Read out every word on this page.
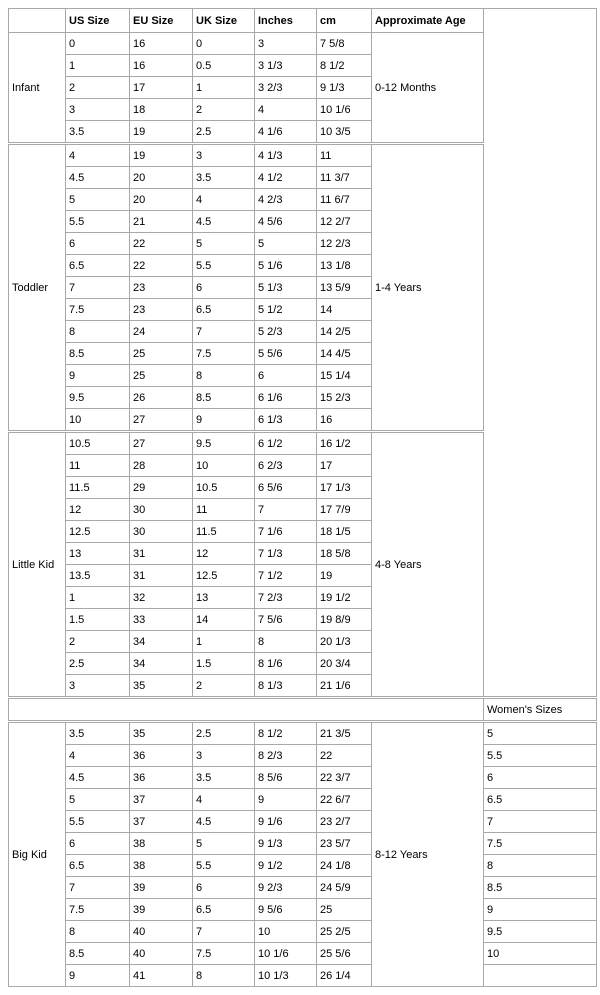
	US Size	EU Size	UK Size	Inches	cm	Approximate Age	
Infant	0	16	0	3	7 5/8	0-12 Months	
	1	16	0.5	3 1/3	8 1/2		
	2	17	1	3 2/3	9 1/3		
	3	18	2	4	10 1/6		
	3.5	19	2.5	4 1/6	10 3/5		
Toddler	4	19	3	4 1/3	11	1-4 Years	
	4.5	20	3.5	4 1/2	11 3/7		
	5	20	4	4 2/3	11 6/7		
	5.5	21	4.5	4 5/6	12 2/7		
	6	22	5	5	12 2/3		
	6.5	22	5.5	5 1/6	13 1/8		
	7	23	6	5 1/3	13 5/9		
	7.5	23	6.5	5 1/2	14		
	8	24	7	5 2/3	14 2/5		
	8.5	25	7.5	5 5/6	14 4/5		
	9	25	8	6	15 1/4		
	9.5	26	8.5	6 1/6	15 2/3		
	10	27	9	6 1/3	16		
Little Kid	10.5	27	9.5	6 1/2	16 1/2	4-8 Years	
	11	28	10	6 2/3	17		
	11.5	29	10.5	6 5/6	17 1/3		
	12	30	11	7	17 7/9		
	12.5	30	11.5	7 1/6	18 1/5		
	13	31	12	7 1/3	18 5/8		
	13.5	31	12.5	7 1/2	19		
	1	32	13	7 2/3	19 1/2		
	1.5	33	14	7 5/6	19 8/9		
	2	34	1	8	20 1/3		
	2.5	34	1.5	8 1/6	20 3/4		
	3	35	2	8 1/3	21 1/6		
							Women's Sizes
Big Kid	3.5	35	2.5	8 1/2	21 3/5	8-12 Years	5
	4	36	3	8 2/3	22		5.5
	4.5	36	3.5	8 5/6	22 3/7		6
	5	37	4	9	22 6/7		6.5
	5.5	37	4.5	9 1/6	23 2/7		7
	6	38	5	9 1/3	23 5/7		7.5
	6.5	38	5.5	9 1/2	24 1/8		8
	7	39	6	9 2/3	24 5/9		8.5
	7.5	39	6.5	9 5/6	25		9
	8	40	7	10	25 2/5		9.5
	8.5	40	7.5	10 1/6	25 5/6		10
	9	41	8	10 1/3	26 1/4		
